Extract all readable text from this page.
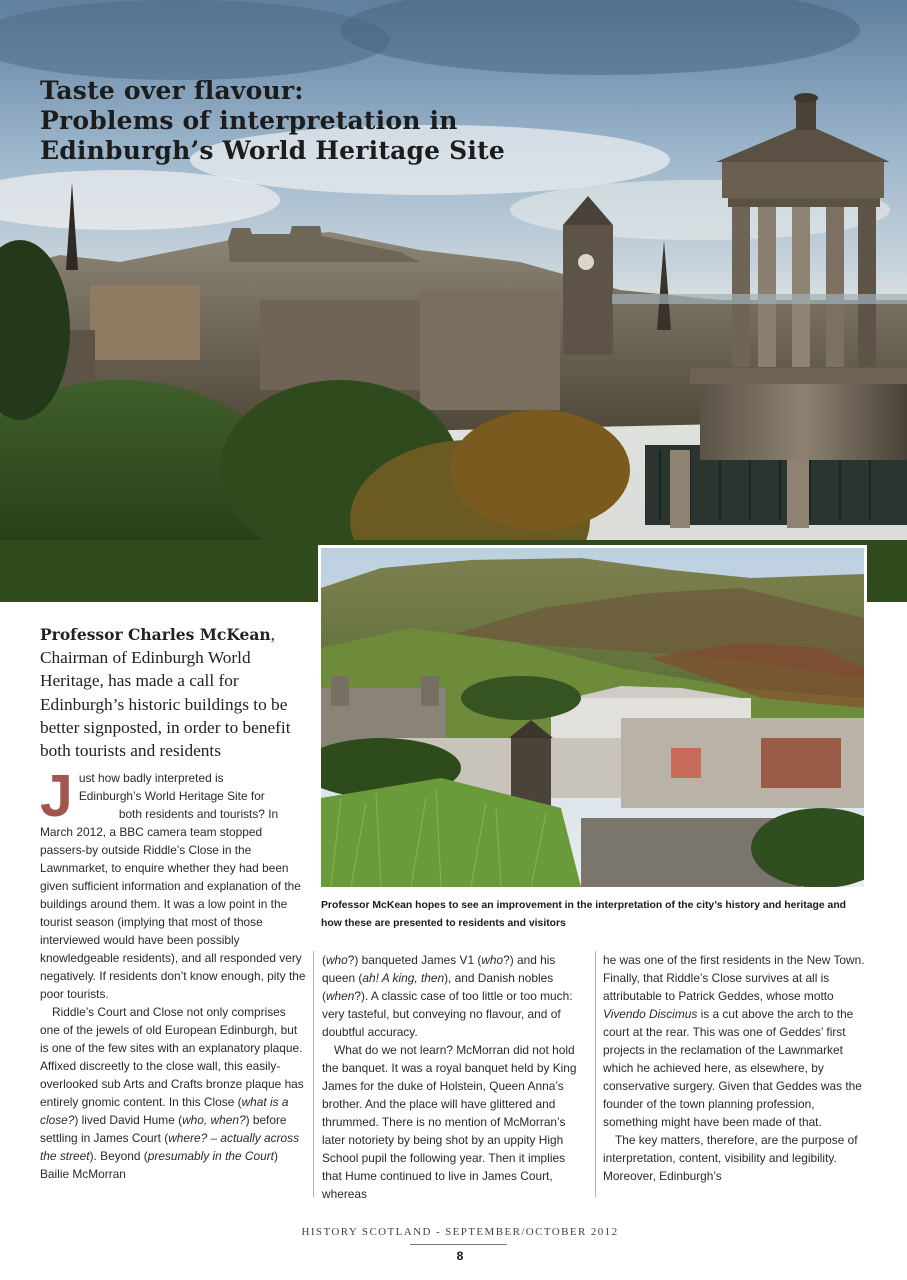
Taste over flavour:
Problems of interpretation in
Edinburgh’s World Heritage Site

Professor McKean hopes to see an improvement in the interpretation of the city’s history and heritage and how these are presented to residents and visitors

Professor Charles McKean, Chairman of Edinburgh World Heritage, has made a call for Edinburgh’s historic buildings to be better signposted, in order to benefit both tourists and residents

Just how badly interpreted is
Edinburgh’s World Heritage Site for
both residents and tourists? In March 2012, a BBC camera team stopped passers-by outside Riddle’s Close in the Lawnmarket, to enquire whether they had been given sufficient information and explanation of the buildings around them. It was a low point in the tourist season (implying that most of those interviewed would have been possibly knowledgeable residents), and all responded very negatively. If residents don’t know enough, pity the poor tourists.

Riddle’s Court and Close not only comprises one of the jewels of old European Edinburgh, but is one of the few sites with an explanatory plaque. Affixed discreetly to the close wall, this easily-overlooked sub Arts and Crafts bronze plaque has entirely gnomic content. In this Close (what is a close?) lived David Hume (who, when?) before settling in James Court (where? – actually across the street). Beyond (presumably in the Court) Bailie McMorran

(who?) banqueted James V1 (who?) and his queen (ah! A king, then), and Danish nobles (when?). A classic case of too little or too much: very tasteful, but conveying no flavour, and of doubtful accuracy.

What do we not learn? McMorran did not hold the banquet. It was a royal banquet held by King James for the duke of Holstein, Queen Anna’s brother. And the place will have glittered and thrummed. There is no mention of McMorran’s later notoriety by being shot by an uppity High School pupil the following year. Then it implies that Hume continued to live in James Court, whereas

he was one of the first residents in the New Town. Finally, that Riddle’s Close survives at all is attributable to Patrick Geddes, whose motto Vivendo Discimus is a cut above the arch to the court at the rear. This was one of Geddes’ first projects in the reclamation of the Lawnmarket which he achieved here, as elsewhere, by conservative surgery. Given that Geddes was the founder of the town planning profession, something might have been made of that.

The key matters, therefore, are the purpose of interpretation, content, visibility and legibility. Moreover, Edinburgh’s

HISTORY SCOTLAND - SEPTEMBER/OCTOBER 2012
8
